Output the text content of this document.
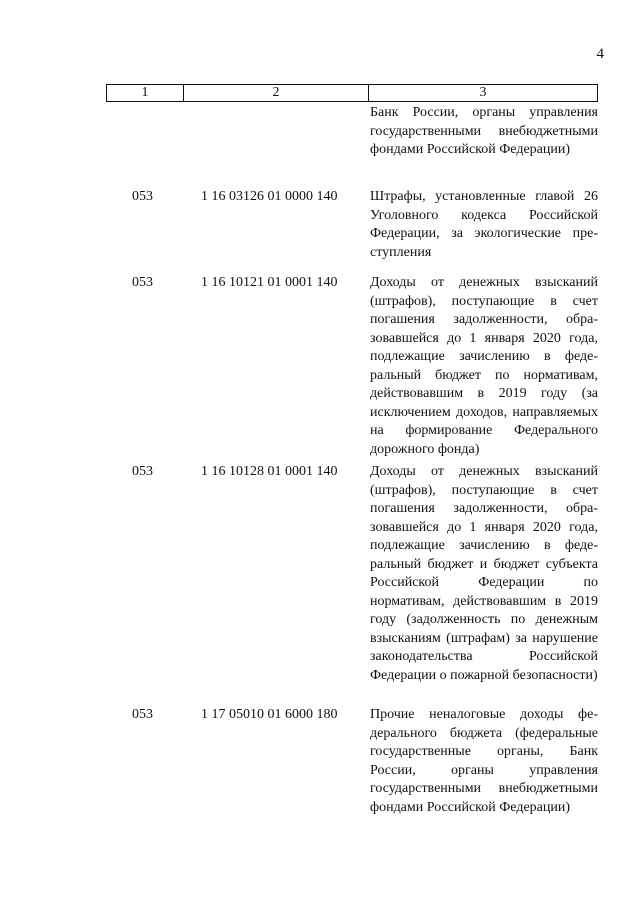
4
1	2	3
Банк России, органы управления государственными внебюджетными фондами Российской Федерации)
053	1 16 03126 01 0000 140 Штрафы, установленные главой 26 Уголовного кодекса Российской Федерации, за экологические преступления
053	1 16 10121 01 0001 140 Доходы от денежных взысканий (штрафов), поступающие в счет погашения задолженности, образовавшейся до 1 января 2020 года, подлежащие зачислению в федеральный бюджет по нормативам, действовавшим в 2019 году (за исключением доходов, направляемых на формирование Федерального дорожного фонда)
053	1 16 10128 01 0001 140 Доходы от денежных взысканий (штрафов), поступающие в счет погашения задолженности, образовавшейся до 1 января 2020 года, подлежащие зачислению в федеральный бюджет и бюджет субъекта Российской Федерации по нормативам, действовавшим в 2019 году (задолженность по денежным взысканиям (штрафам) за нарушение законодательства Российской Федерации о пожарной безопасности)
053	1 17 05010 01 6000 180 Прочие неналоговые доходы федерального бюджета (федеральные государственные органы, Банк России, органы управления государственными внебюджетными фондами Российской Федерации)
